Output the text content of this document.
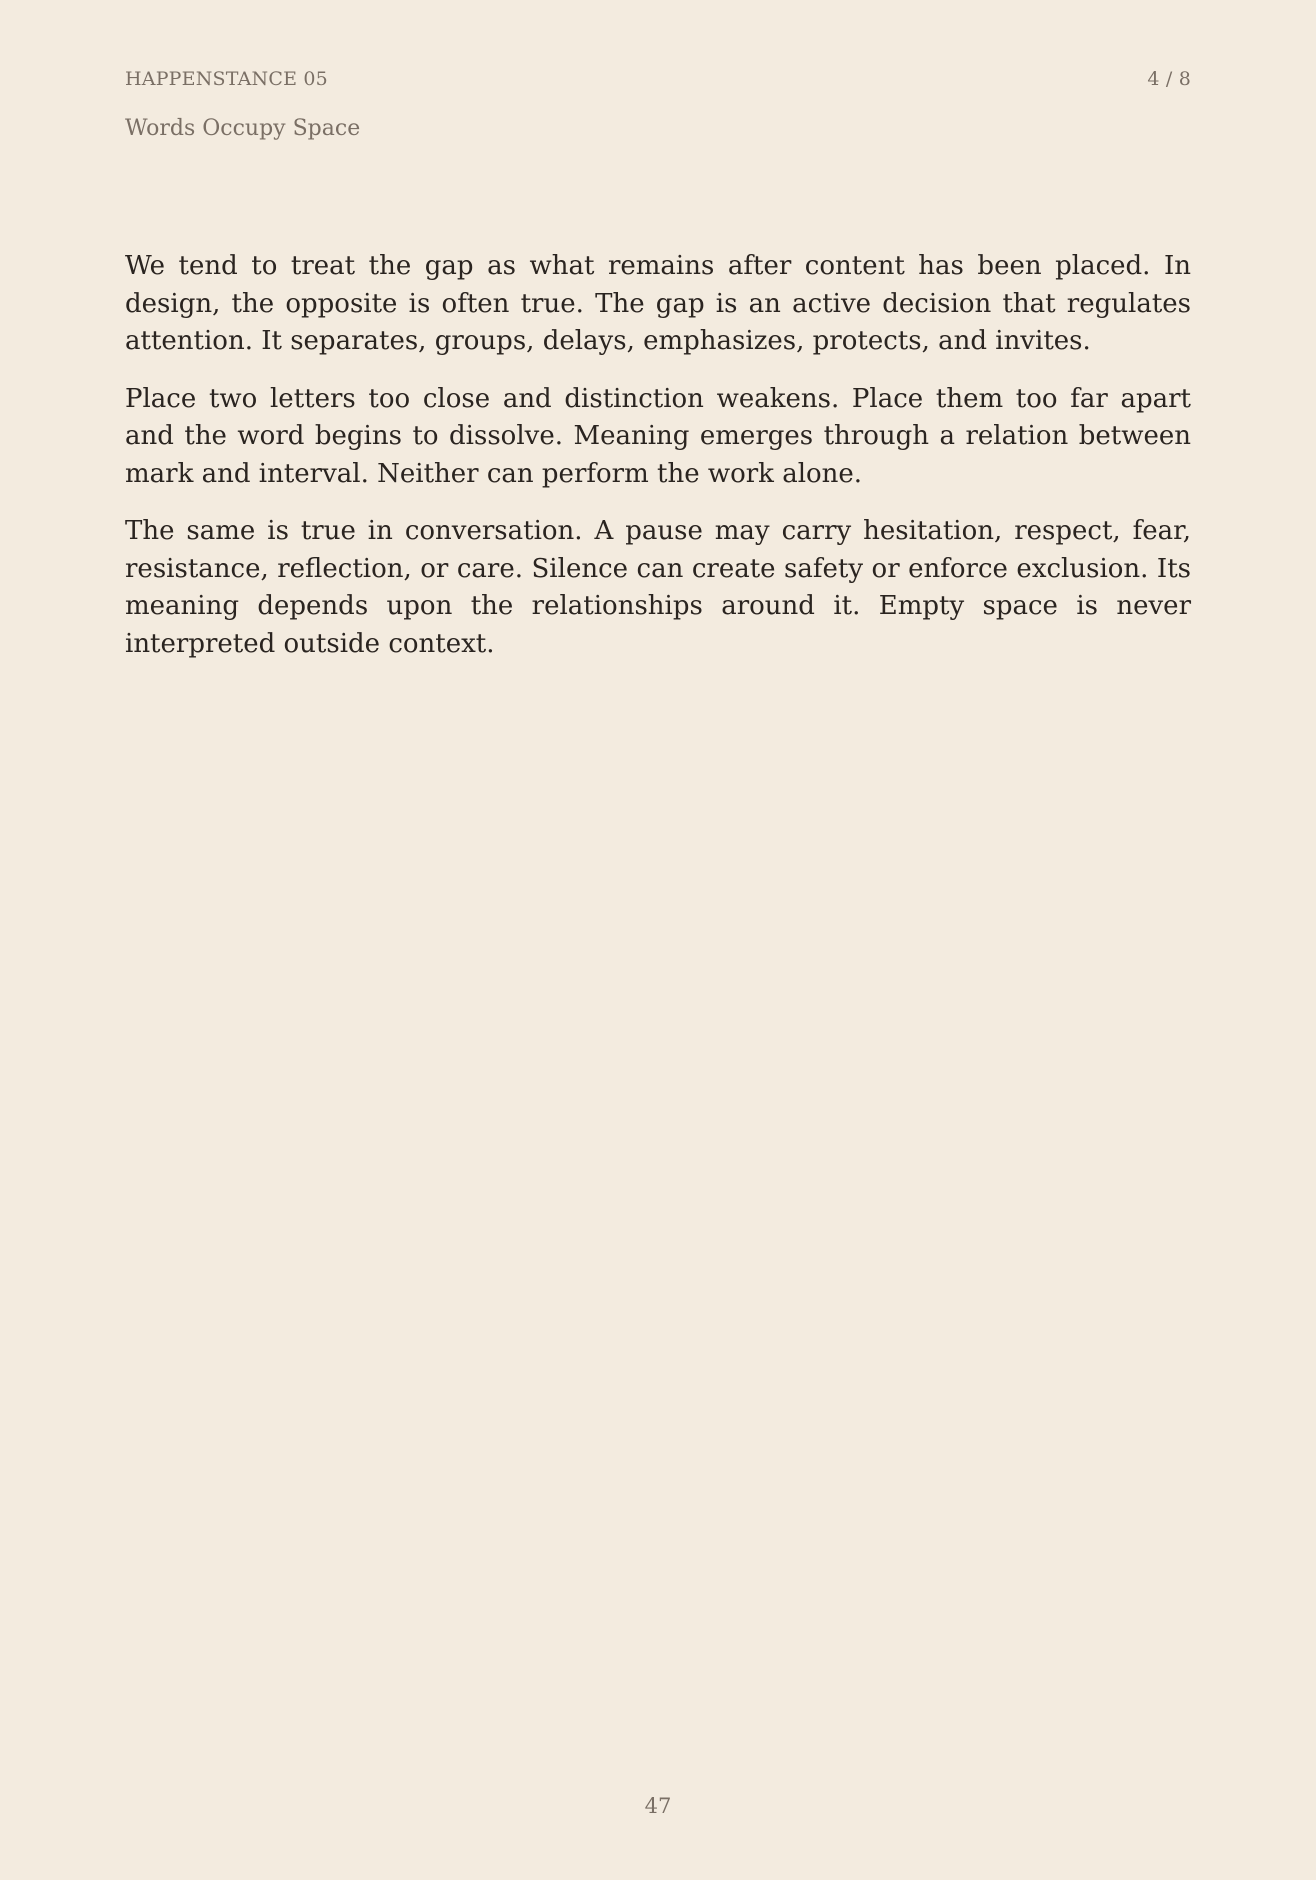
HAPPENSTANCE 05	4 / 8
Words Occupy Space

We tend to treat the gap as what remains after content has been placed. In design, the opposite is often true. The gap is an active decision that regulates attention. It separates, groups, delays, emphasizes, protects, and invites.

Place two letters too close and distinction weakens. Place them too far apart and the word begins to dissolve. Meaning emerges through a relation between mark and interval. Neither can perform the work alone.

The same is true in conversation. A pause may carry hesitation, respect, fear, resistance, reflection, or care. Silence can create safety or enforce exclusion. Its meaning depends upon the relationships around it. Empty space is never interpreted outside context.

47
